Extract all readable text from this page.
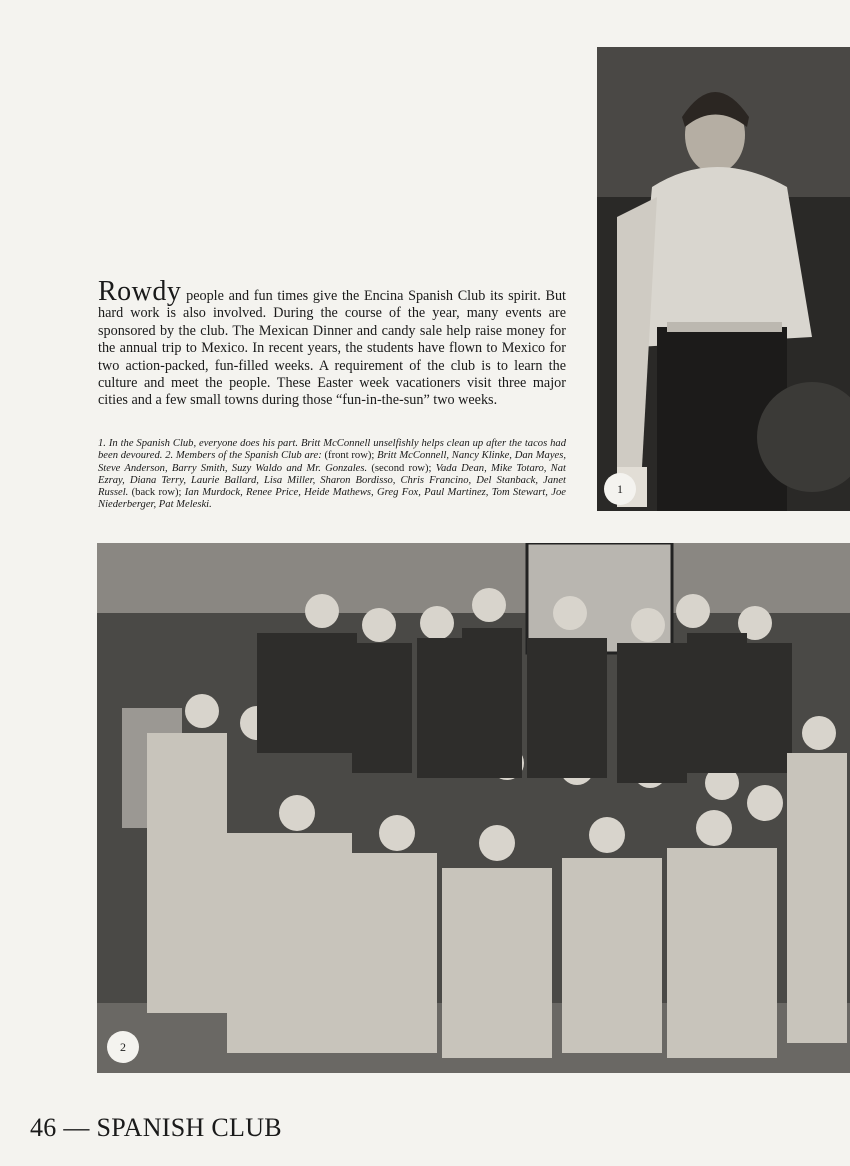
1

Rowdy people and fun times give the Encina Spanish Club its spirit. But hard work is also involved. During the course of the year, many events are sponsored by the club. The Mexican Dinner and candy sale help raise money for the annual trip to Mexico. In recent years, the students have flown to Mexico for two action-packed, fun-filled weeks. A requirement of the club is to learn the culture and meet the people. These Easter week vacationers visit three major cities and a few small towns during those “fun-in-the-sun” two weeks.

1. In the Spanish Club, everyone does his part. Britt McConnell unselfishly helps clean up after the tacos had been devoured. 2. Members of the Spanish Club are: (front row); Britt McConnell, Nancy Klinke, Dan Mayes, Steve Anderson, Barry Smith, Suzy Waldo and Mr. Gonzales. (second row); Vada Dean, Mike Totaro, Nat Ezray, Diana Terry, Laurie Ballard, Lisa Miller, Sharon Bordisso, Chris Francino, Del Stanback, Janet Russel. (back row); Ian Murdock, Renee Price, Heide Mathews, Greg Fox, Paul Martinez, Tom Stewart, Joe Niederberger, Pat Meleski.

2

46 — SPANISH CLUB
